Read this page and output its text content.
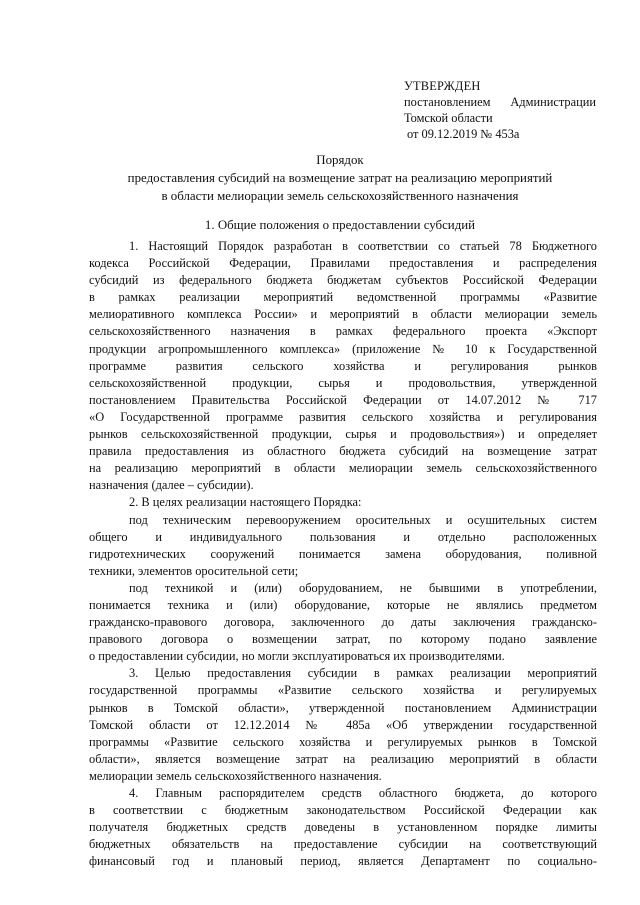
УТВЕРЖДЕН
постановлением Администрации
Томской области
от 09.12.2019 № 453а
Порядок
предоставления субсидий на возмещение затрат на реализацию мероприятий
в области мелиорации земель сельскохозяйственного назначения
1. Общие положения о предоставлении субсидий
1. Настоящий Порядок разработан в соответствии со статьей 78 Бюджетного
кодекса Российской Федерации, Правилами предоставления и распределения
субсидий из федерального бюджета бюджетам субъектов Российской Федерации
в рамках реализации мероприятий ведомственной программы «Развитие
мелиоративного комплекса России» и мероприятий в области мелиорации земель
сельскохозяйственного назначения в рамках федерального проекта «Экспорт
продукции агропромышленного комплекса» (приложение № 10 к Государственной
программе развития сельского хозяйства и регулирования рынков
сельскохозяйственной продукции, сырья и продовольствия, утвержденной
постановлением Правительства Российской Федерации от 14.07.2012 № 717
«О Государственной программе развития сельского хозяйства и регулирования
рынков сельскохозяйственной продукции, сырья и продовольствия») и определяет
правила предоставления из областного бюджета субсидий на возмещение затрат
на реализацию мероприятий в области мелиорации земель сельскохозяйственного
назначения (далее – субсидии).
2. В целях реализации настоящего Порядка:
под техническим перевооружением оросительных и осушительных систем
общего и индивидуального пользования и отдельно расположенных
гидротехнических сооружений понимается замена оборудования, поливной
техники, элементов оросительной сети;
под техникой и (или) оборудованием, не бывшими в употреблении,
понимается техника и (или) оборудование, которые не являлись предметом
гражданско-правового договора, заключенного до даты заключения гражданско-
правового договора о возмещении затрат, по которому подано заявление
о предоставлении субсидии, но могли эксплуатироваться их производителями.
3. Целью предоставления субсидии в рамках реализации мероприятий
государственной программы «Развитие сельского хозяйства и регулируемых
рынков в Томской области», утвержденной постановлением Администрации
Томской области от 12.12.2014 № 485а «Об утверждении государственной
программы «Развитие сельского хозяйства и регулируемых рынков в Томской
области», является возмещение затрат на реализацию мероприятий в области
мелиорации земель сельскохозяйственного назначения.
4. Главным распорядителем средств областного бюджета, до которого
в соответствии с бюджетным законодательством Российской Федерации как
получателя бюджетных средств доведены в установленном порядке лимиты
бюджетных обязательств на предоставление субсидии на соответствующий
финансовый год и плановый период, является Департамент по социально-
